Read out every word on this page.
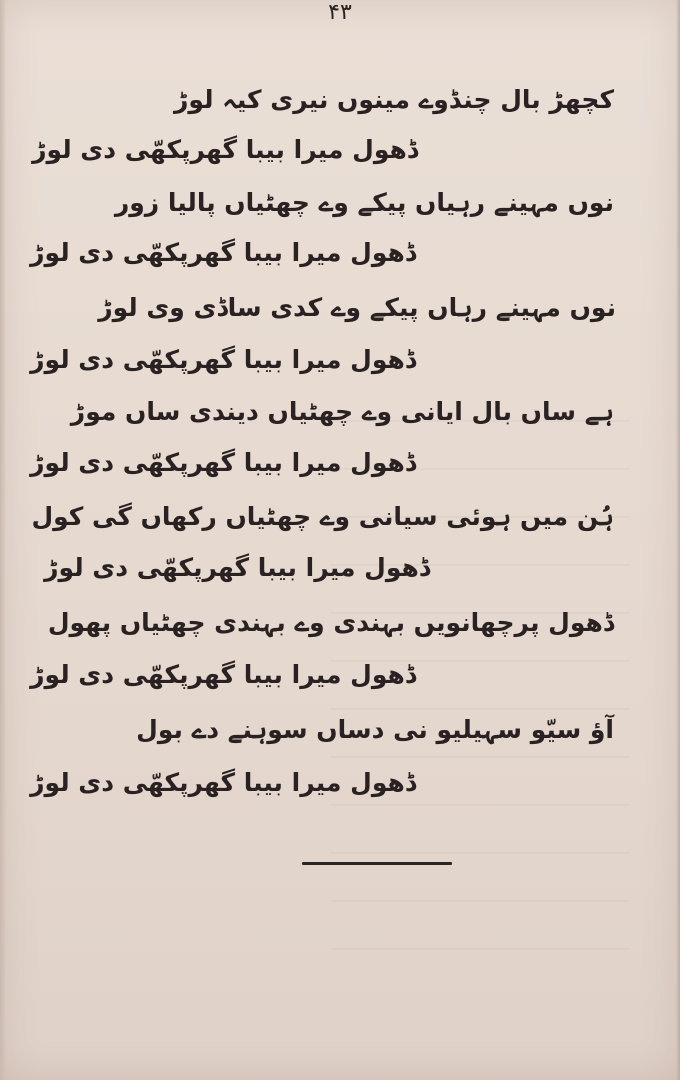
۴۳
کچھڑ بال چنڈوے مینوں نیری کیہ لوڑ
ڈھول میرا بیبا گھرپکھّی دی لوڑ
نوں مہینے رہیاں پیکے وے چھٹیاں پالیا زور
ڈھول میرا بیبا گھرپکھّی دی لوڑ
نوں مہینے رہاں پیکے وے کدی ساڈی وی لوڑ
ڈھول میرا بیبا گھرپکھّی دی لوڑ
ہے ساں بال ایانی وے چھٹیاں دیندی ساں موڑ
ڈھول میرا بیبا گھرپکھّی دی لوڑ
ہُن میں ہوئی سیانی وے چھٹیاں رکھاں گی کول
ڈھول میرا بیبا گھرپکھّی دی لوڑ
ڈھول پرچھانویں بہندی وے بہندی چھٹیاں پھول
ڈھول میرا بیبا گھرپکھّی دی لوڑ
آؤ سیّو سہیلیو نی دساں سوہنے دے بول
ڈھول میرا بیبا گھرپکھّی دی لوڑ
